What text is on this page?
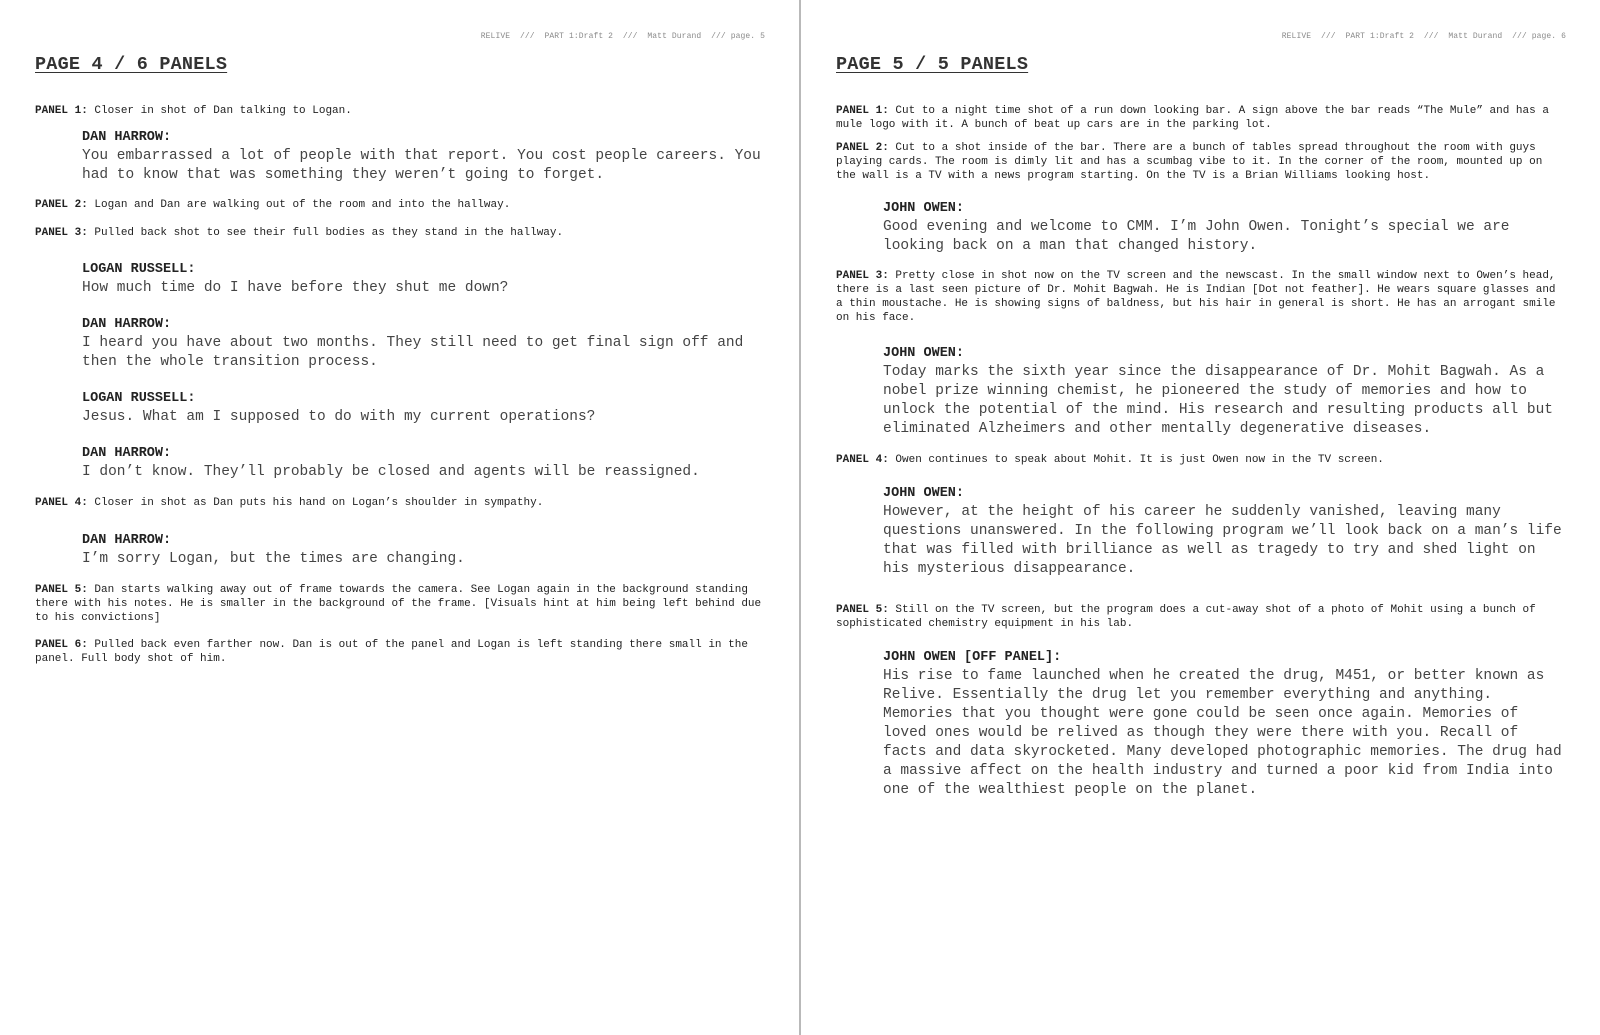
RELIVE  ///  PART 1:Draft 2  ///  Matt Durand  /// page. 5
PAGE 4 / 6 PANELS
PANEL 1: Closer in shot of Dan talking to Logan.
DAN HARROW:
You embarrassed a lot of people with that report. You cost people careers. You had to know that was something they weren’t going to forget.
PANEL 2: Logan and Dan are walking out of the room and into the hallway.
PANEL 3: Pulled back shot to see their full bodies as they stand in the hallway.
LOGAN RUSSELL:
How much time do I have before they shut me down?
DAN HARROW:
I heard you have about two months. They still need to get final sign off and then the whole transition process.
LOGAN RUSSELL:
Jesus. What am I supposed to do with my current operations?
DAN HARROW:
I don’t know. They’ll probably be closed and agents will be reassigned.
PANEL 4: Closer in shot as Dan puts his hand on Logan’s shoulder in sympathy.
DAN HARROW:
I’m sorry Logan, but the times are changing.
PANEL 5: Dan starts walking away out of frame towards the camera. See Logan again in the background standing there with his notes. He is smaller in the background of the frame. [Visuals hint at him being left behind due to his convictions]
PANEL 6: Pulled back even farther now. Dan is out of the panel and Logan is left standing there small in the panel. Full body shot of him.
RELIVE  ///  PART 1:Draft 2  ///  Matt Durand  /// page. 6
PAGE 5 / 5 PANELS
PANEL 1: Cut to a night time shot of a run down looking bar. A sign above the bar reads “The Mule” and has a mule logo with it. A bunch of beat up cars are in the parking lot.
PANEL 2: Cut to a shot inside of the bar. There are a bunch of tables spread throughout the room with guys playing cards. The room is dimly lit and has a scumbag vibe to it. In the corner of the room, mounted up on the wall is a TV with a news program starting. On the TV is a Brian Williams looking host.
JOHN OWEN:
Good evening and welcome to CMM. I’m John Owen. Tonight’s special we are looking back on a man that changed history.
PANEL 3: Pretty close in shot now on the TV screen and the newscast. In the small window next to Owen’s head, there is a last seen picture of Dr. Mohit Bagwah. He is Indian [Dot not feather]. He wears square glasses and a thin moustache. He is showing signs of baldness, but his hair in general is short. He has an arrogant smile on his face.
JOHN OWEN:
Today marks the sixth year since the disappearance of Dr. Mohit Bagwah. As a nobel prize winning chemist, he pioneered the study of memories and how to unlock the potential of the mind. His research and resulting products all but eliminated Alzheimers and other mentally degenerative diseases.
PANEL 4: Owen continues to speak about Mohit. It is just Owen now in the TV screen.
JOHN OWEN:
However, at the height of his career he suddenly vanished, leaving many questions unanswered. In the following program we’ll look back on a man’s life that was filled with brilliance as well as tragedy to try and shed light on his mysterious disappearance.
PANEL 5: Still on the TV screen, but the program does a cut-away shot of a photo of Mohit using a bunch of sophisticated chemistry equipment in his lab.
JOHN OWEN [OFF PANEL]:
His rise to fame launched when he created the drug, M451, or better known as Relive. Essentially the drug let you remember everything and anything. Memories that you thought were gone could be seen once again. Memories of loved ones would be relived as though they were there with you. Recall of facts and data skyrocketed. Many developed photographic memories. The drug had a massive affect on the health industry and turned a poor kid from India into one of the wealthiest people on the planet.
